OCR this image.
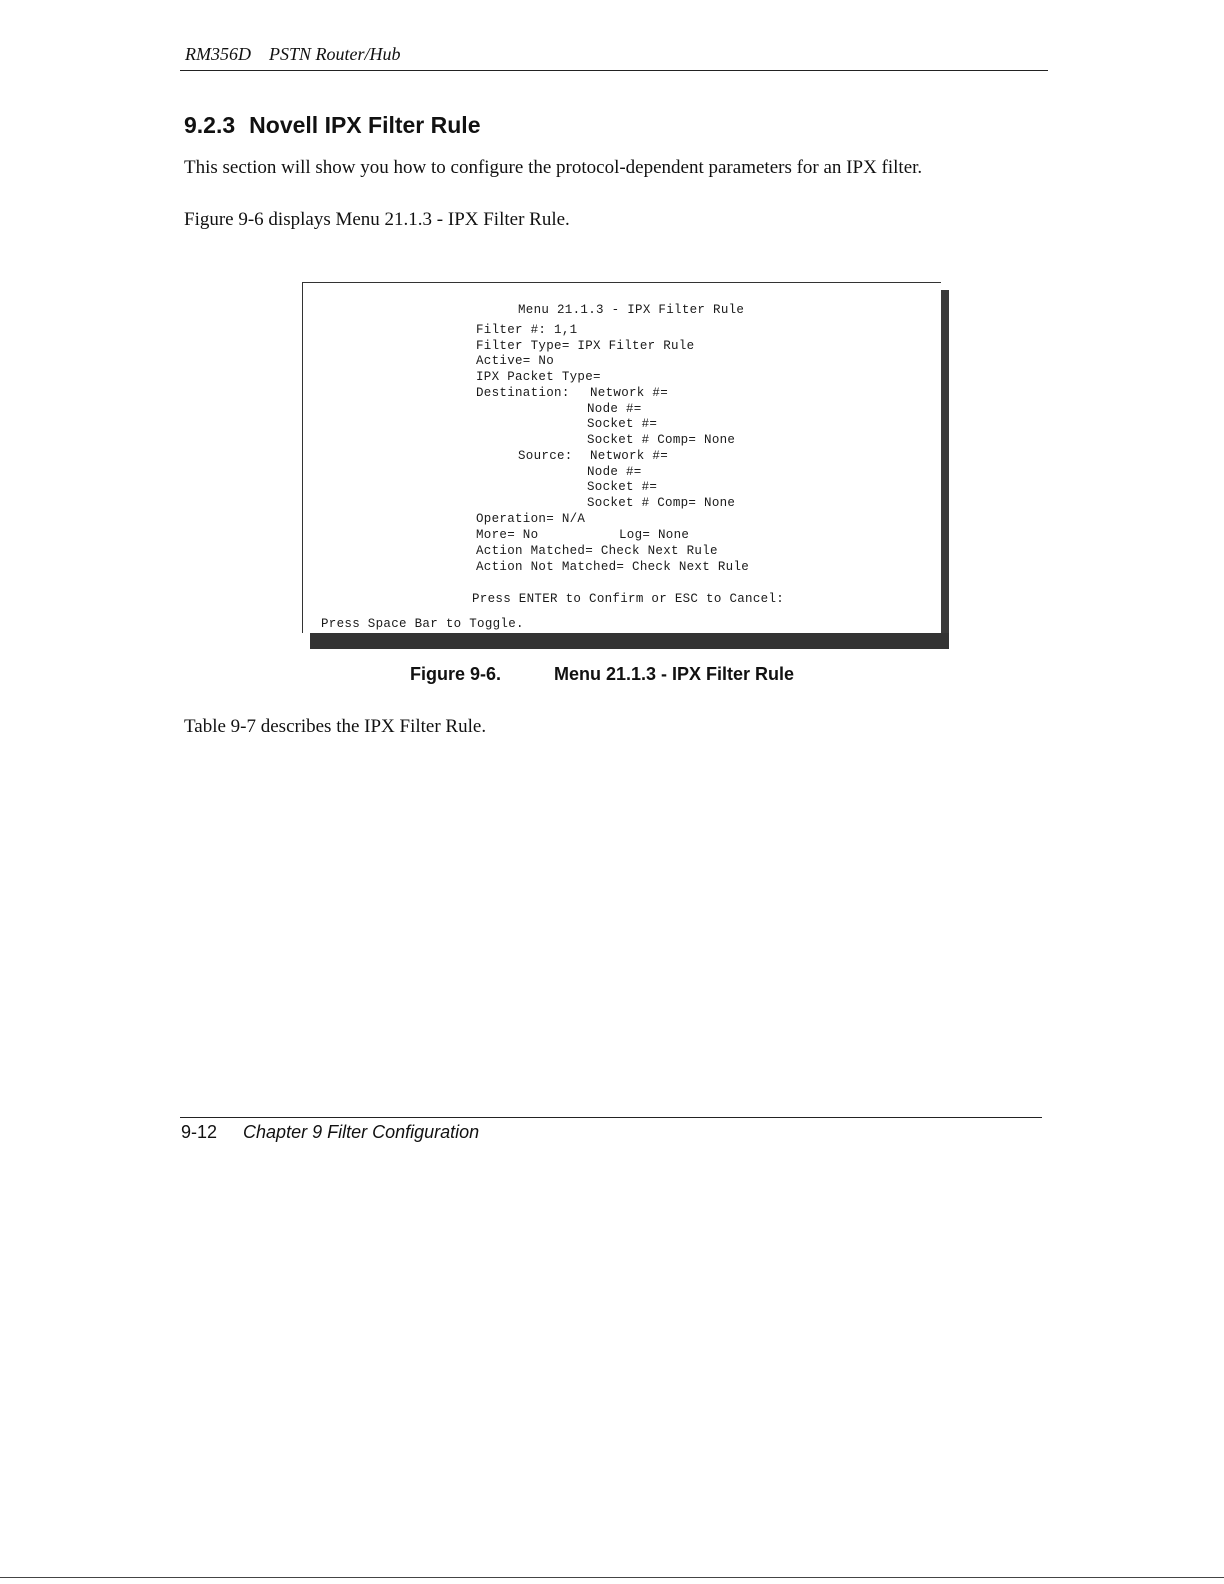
RM356D PSTN Router/Hub
9.2.3 Novell IPX Filter Rule
This section will show you how to configure the protocol-dependent parameters for an IPX filter.
Figure 9-6 displays Menu 21.1.3 - IPX Filter Rule.
Menu 21.1.3 - IPX Filter Rule
Filter #: 1,1
Filter Type= IPX Filter Rule
Active= No
IPX Packet Type=
Destination: Network #=
Node #=
Socket #=
Socket # Comp= None
Source: Network #=
Node #=
Socket #=
Socket # Comp= None
Operation= N/A
More= No	Log= None
Action Matched= Check Next Rule
Action Not Matched= Check Next Rule
Press ENTER to Confirm or ESC to Cancel:
Press Space Bar to Toggle.
Figure 9-6.	Menu 21.1.3 - IPX Filter Rule
Table 9-7 describes the IPX Filter Rule.
9-12 Chapter 9 Filter Configuration
